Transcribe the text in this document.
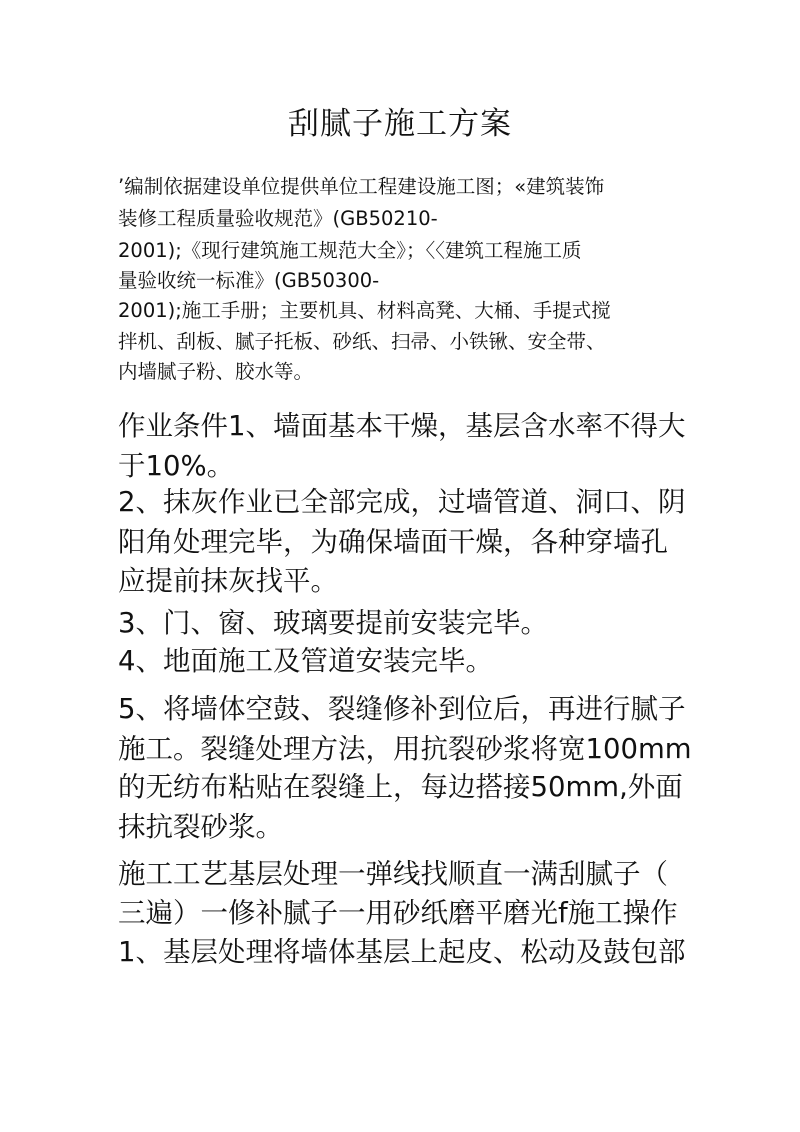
刮腻子施工方案

’编制依据建设单位提供单位工程建设施工图；«建筑装饰

装修工程质量验收规范》(GB50210-

2001);《现行建筑施工规范大全》；〈〈建筑工程施工质

量验收统一标准》(GB50300-

2001);施工手册；主要机具、材料高凳、大桶、手提式搅

拌机、刮板、腻子托板、砂纸、扫帚、小铁锹、安全带、

内墙腻子粉、胶水等。

作业条件1、墙面基本干燥，基层含水率不得大

于10%。

2、抹灰作业已全部完成，过墙管道、洞口、阴

阳角处理完毕，为确保墙面干燥，各种穿墙孔

应提前抹灰找平。

3、门、窗、玻璃要提前安装完毕。

4、地面施工及管道安装完毕。

5、将墙体空鼓、裂缝修补到位后，再进行腻子

施工。裂缝处理方法，用抗裂砂浆将宽100mm

的无纺布粘贴在裂缝上，每边搭接50mm,外面

抹抗裂砂浆。

施工工艺基层处理一弹线找顺直一满刮腻子（

三遍）一修补腻子一用砂纸磨平磨光f施工操作

1、基层处理将墙体基层上起皮、松动及鼓包部
